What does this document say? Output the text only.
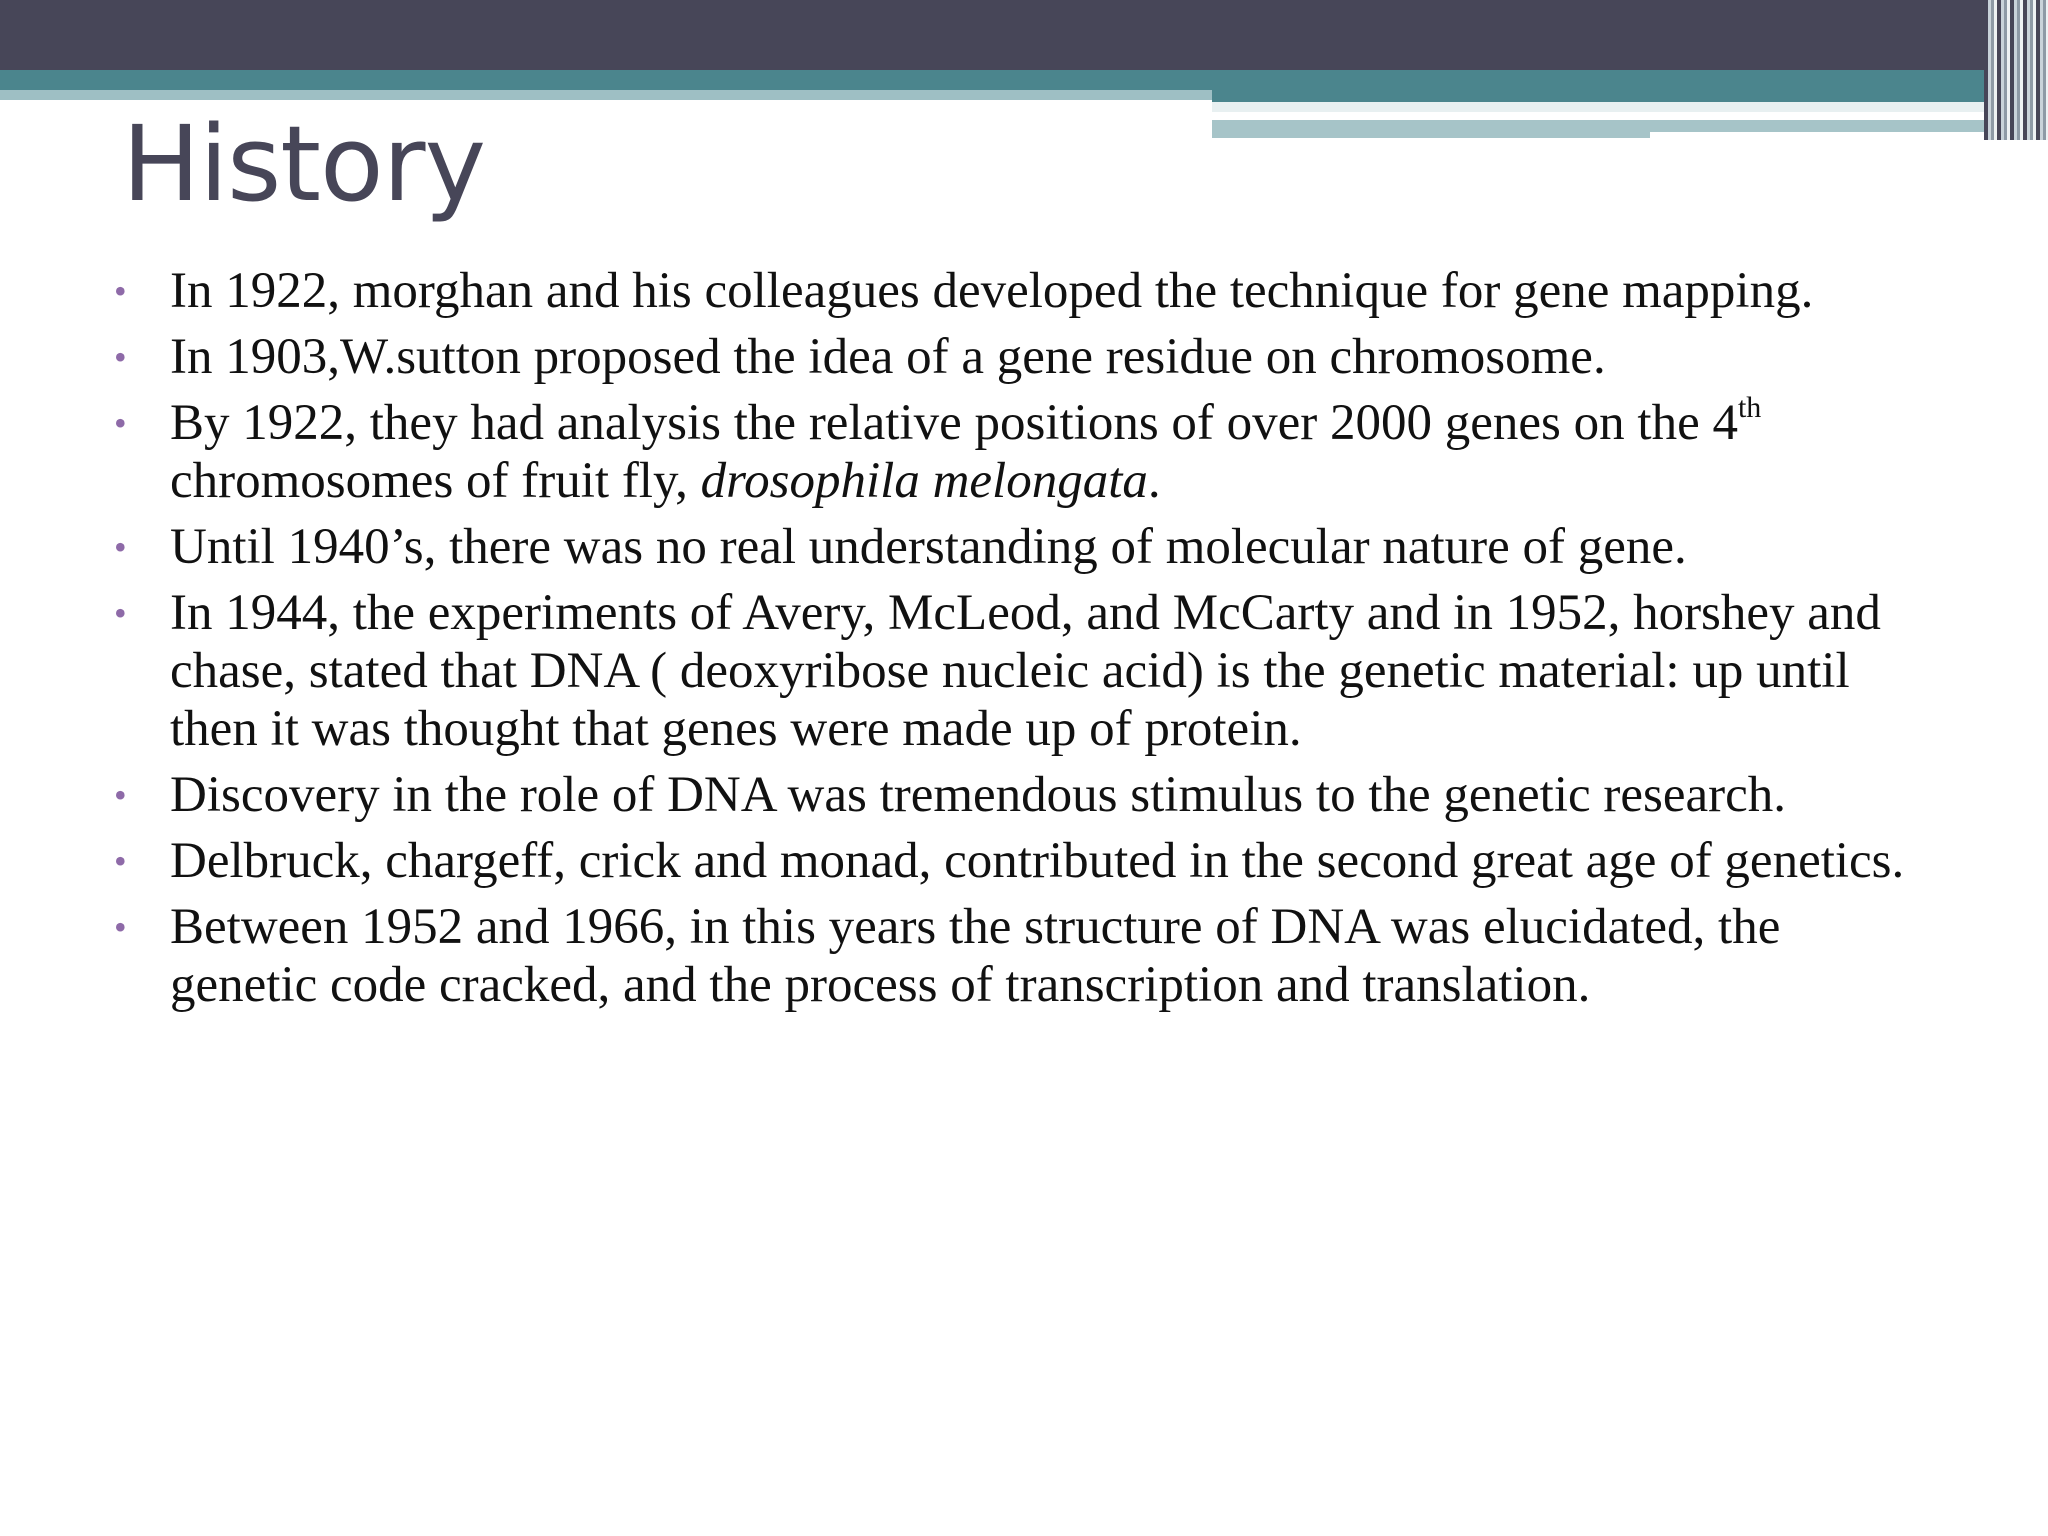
History
• In 1922, morghan and his colleagues developed the technique for gene mapping.
• In 1903,W.sutton proposed the idea of a gene residue on chromosome.
• By 1922, they had analysis the relative positions of over 2000 genes on the 4th chromosomes of fruit fly, drosophila melongata.
• Until 1940’s, there was no real understanding of molecular nature of gene.
• In 1944, the experiments of Avery, McLeod, and McCarty and in 1952, horshey and chase, stated that DNA ( deoxyribose nucleic acid) is the genetic material: up until then it was thought that genes were made up of protein.
• Discovery in the role of DNA was tremendous stimulus to the genetic research.
• Delbruck, chargeff, crick and monad, contributed in the second great age of genetics.
• Between 1952 and 1966, in this years the structure of DNA was elucidated, the genetic code cracked, and the process of transcription and translation.
